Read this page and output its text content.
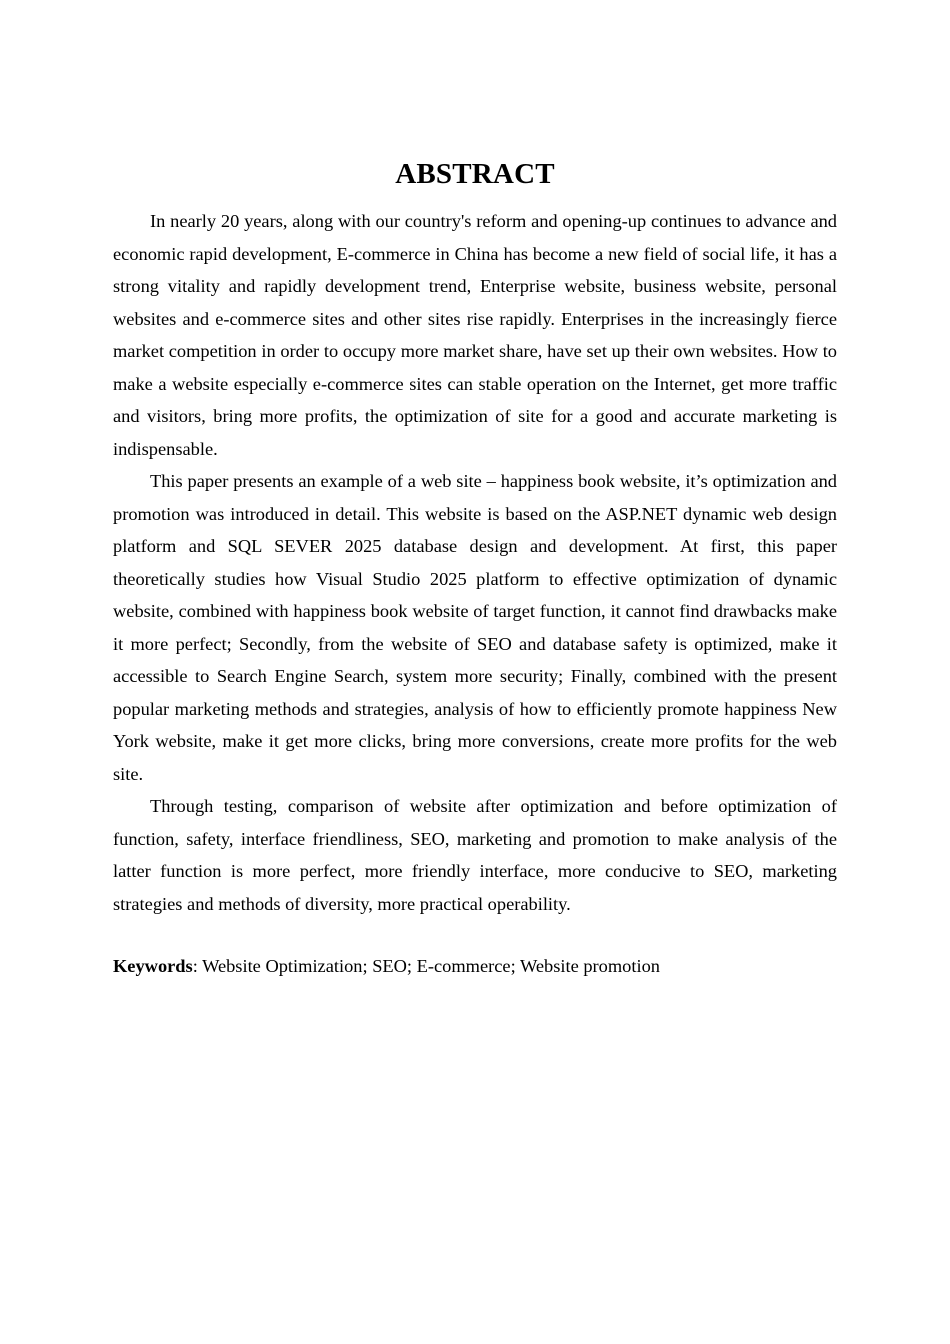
ABSTRACT

In nearly 20 years, along with our country's reform and opening-up continues to advance and economic rapid development, E-commerce in China has become a new field of social life, it has a strong vitality and rapidly development trend, Enterprise website, business website, personal websites and e-commerce sites and other sites rise rapidly. Enterprises in the increasingly fierce market competition in order to occupy more market share, have set up their own websites. How to make a website especially e-commerce sites can stable operation on the Internet, get more traffic and visitors, bring more profits, the optimization of site for a good and accurate marketing is indispensable.

This paper presents an example of a web site – happiness book website, it’s optimization and promotion was introduced in detail. This website is based on the ASP.NET dynamic web design platform and SQL SEVER 2025 database design and development. At first, this paper theoretically studies how Visual Studio 2025 platform to effective optimization of dynamic website, combined with happiness book website of target function, it cannot find drawbacks make it more perfect; Secondly, from the website of SEO and database safety is optimized, make it accessible to Search Engine Search, system more security; Finally, combined with the present popular marketing methods and strategies, analysis of how to efficiently promote happiness New York website, make it get more clicks, bring more conversions, create more profits for the web site.

Through testing, comparison of website after optimization and before optimization of function, safety, interface friendliness, SEO, marketing and promotion to make analysis of the latter function is more perfect, more friendly interface, more conducive to SEO, marketing strategies and methods of diversity, more practical operability.

Keywords: Website Optimization; SEO; E-commerce; Website promotion
